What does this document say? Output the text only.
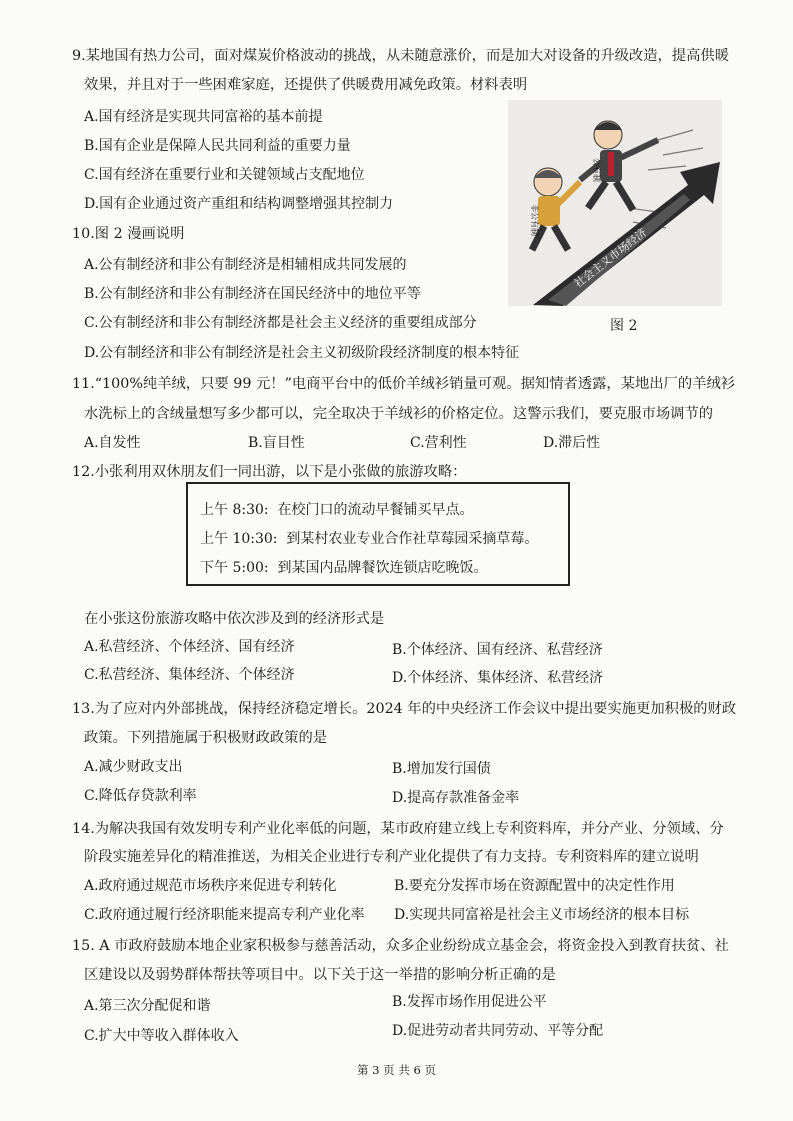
9.某地国有热力公司，面对煤炭价格波动的挑战，从未随意涨价，而是加大对设备的升级改造，提高供暖
效果，并且对于一些困难家庭，还提供了供暖费用减免政策。材料表明
A.国有经济是实现共同富裕的基本前提
B.国有企业是保障人民共同利益的重要力量
C.国有经济在重要行业和关键领域占支配地位
D.国有企业通过资产重组和结构调整增强其控制力
10.图 2 漫画说明
A.公有制经济和非公有制经济是相辅相成共同发展的
B.公有制经济和非公有制经济在国民经济中的地位平等
C.公有制经济和非公有制经济都是社会主义经济的重要组成部分
D.公有制经济和非公有制经济是社会主义初级阶段经济制度的根本特征
社会主义市场经济
公有制
非公有制
图 2
11.“100%纯羊绒，只要 99 元！”电商平台中的低价羊绒衫销量可观。据知情者透露，某地出厂的羊绒衫
水洗标上的含绒量想写多少都可以，完全取决于羊绒衫的价格定位。这警示我们，要克服市场调节的
A.自发性	B.盲目性	C.营利性	D.滞后性
12.小张利用双休朋友们一同出游，以下是小张做的旅游攻略：
上午 8:30: 在校门口的流动早餐铺买早点。
上午 10:30: 到某村农业专业合作社草莓园采摘草莓。
下午 5:00: 到某国内品牌餐饮连锁店吃晚饭。
在小张这份旅游攻略中依次涉及到的经济形式是
A.私营经济、个体经济、国有经济	B.个体经济、国有经济、私营经济
C.私营经济、集体经济、个体经济	D.个体经济、集体经济、私营经济
13.为了应对内外部挑战，保持经济稳定增长。2024 年的中央经济工作会议中提出要实施更加积极的财政
政策。下列措施属于积极财政政策的是
A.减少财政支出	B.增加发行国债
C.降低存贷款利率	D.提高存款准备金率
14.为解决我国有效发明专利产业化率低的问题，某市政府建立线上专利资料库，并分产业、分领域、分
阶段实施差异化的精准推送，为相关企业进行专利产业化提供了有力支持。专利资料库的建立说明
A.政府通过规范市场秩序来促进专利转化	B.要充分发挥市场在资源配置中的决定性作用
C.政府通过履行经济职能来提高专利产业化率 D.实现共同富裕是社会主义市场经济的根本目标
15. A 市政府鼓励本地企业家积极参与慈善活动，众多企业纷纷成立基金会，将资金投入到教育扶贫、社
区建设以及弱势群体帮扶等项目中。以下关于这一举措的影响分析正确的是
A.第三次分配促和谐	B.发挥市场作用促进公平
C.扩大中等收入群体收入	D.促进劳动者共同劳动、平等分配
第 3 页 共 6 页
